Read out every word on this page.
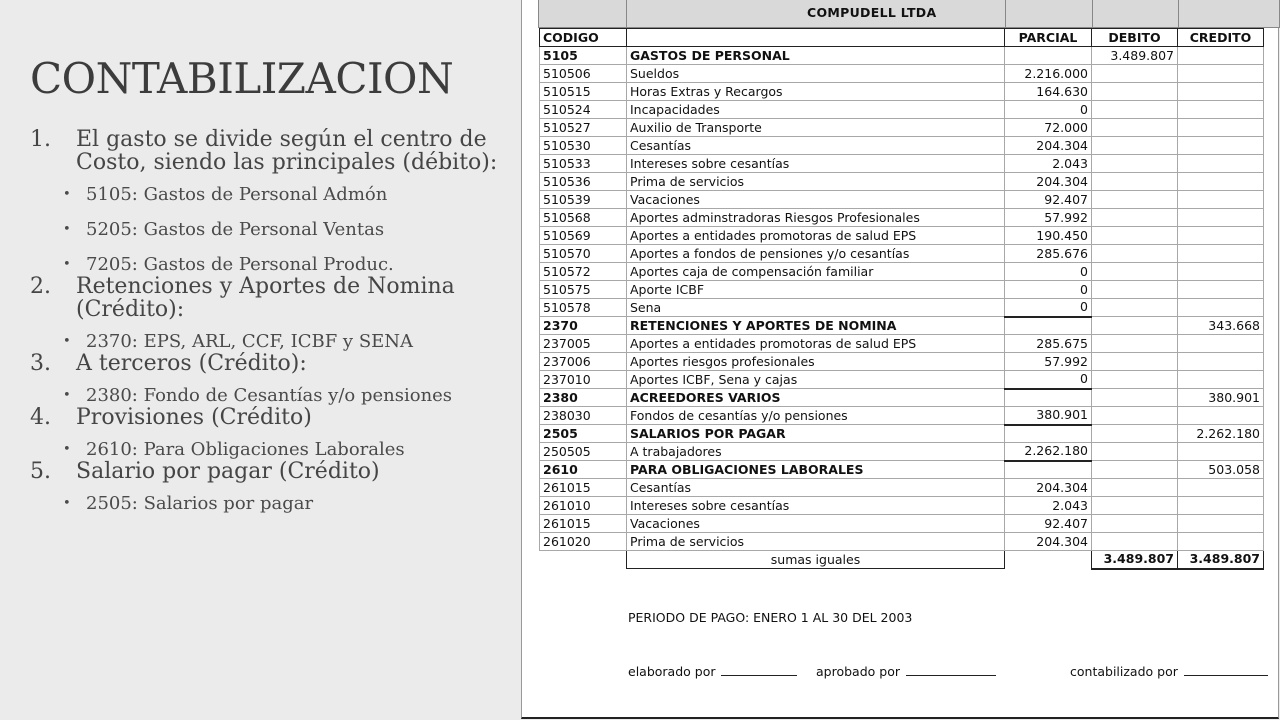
CONTABILIZACION
1.	El gasto se divide según el centro de Costo, siendo las principales (débito):
• 5105: Gastos de Personal Admón
• 5205: Gastos de Personal Ventas
• 7205: Gastos de Personal Produc.
2.	Retenciones y Aportes de Nomina (Crédito):
• 2370: EPS, ARL, CCF, ICBF y SENA
3.	A terceros (Crédito):
• 2380: Fondo de Cesantías y/o pensiones
4.	Provisiones (Crédito)
• 2610: Para Obligaciones Laborales
5.	Salario por pagar (Crédito)
• 2505: Salarios por pagar
COMPUDELL LTDA
CODIGO		PARCIAL	DEBITO	CREDITO
5105	GASTOS DE PERSONAL		3.489.807	
510506	Sueldos	2.216.000		
510515	Horas Extras y Recargos	164.630		
510524	Incapacidades	0		
510527	Auxilio de Transporte	72.000		
510530	Cesantías	204.304		
510533	Intereses sobre cesantías	2.043		
510536	Prima de servicios	204.304		
510539	Vacaciones	92.407		
510568	Aportes adminstradoras Riesgos Profesionales	57.992		
510569	Aportes a entidades promotoras de salud EPS	190.450		
510570	Aportes a fondos de pensiones y/o cesantías	285.676		
510572	Aportes caja de compensación familiar	0		
510575	Aporte ICBF	0		
510578	Sena	0		
2370	RETENCIONES Y APORTES DE NOMINA			343.668
237005	Aportes a entidades promotoras de salud EPS	285.675		
237006	Aportes riesgos profesionales	57.992		
237010	Aportes ICBF, Sena y cajas	0		
2380	ACREEDORES VARIOS			380.901
238030	Fondos de cesantías y/o pensiones	380.901		
2505	SALARIOS POR PAGAR			2.262.180
250505	A trabajadores	2.262.180		
2610	PARA OBLIGACIONES LABORALES			503.058
261015	Cesantías	204.304		
261010	Intereses sobre cesantías	2.043		
261015	Vacaciones	92.407		
261020	Prima de servicios	204.304		
	sumas iguales		3.489.807	3.489.807
PERIODO DE PAGO: ENERO 1 AL 30 DEL 2003
elaborado por	aprobado por	contabilizado por
